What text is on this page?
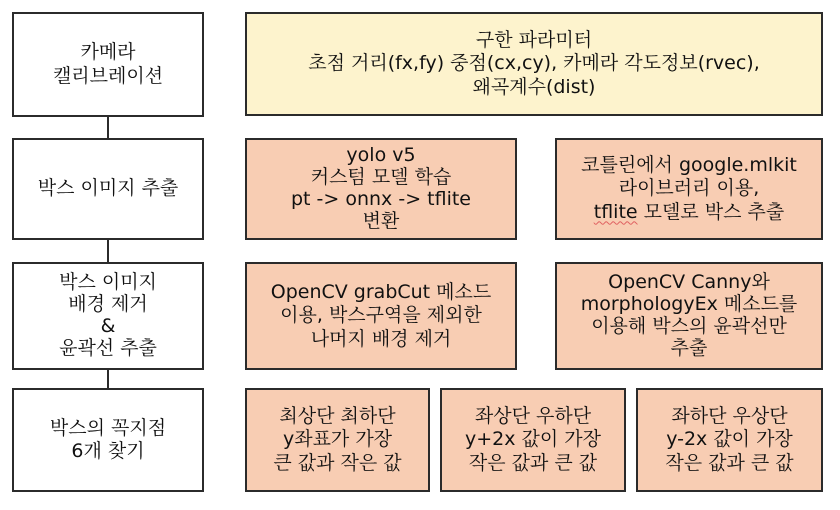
카메라
캘리브레이션
박스 이미지 추출
박스 이미지
배경 제거
&
윤곽선 추출
박스의 꼭지점
6개 찾기
구한 파라미터
초점 거리(fx,fy) 중점(cx,cy), 카메라 각도정보(rvec),
왜곡계수(dist)
yolo v5
커스텀 모델 학습
pt -> onnx -> tflite
변환
코틀린에서 google.mlkit
라이브러리 이용,
tflite 모델로 박스 추출
OpenCV grabCut 메소드
이용, 박스구역을 제외한
나머지 배경 제거
OpenCV Canny와
morphologyEx 메소드를
이용해 박스의 윤곽선만
추출
최상단 최하단
y좌표가 가장
큰 값과 작은 값
좌상단 우하단
y+2x 값이 가장
작은 값과 큰 값
좌하단 우상단
y-2x 값이 가장
작은 값과 큰 값
